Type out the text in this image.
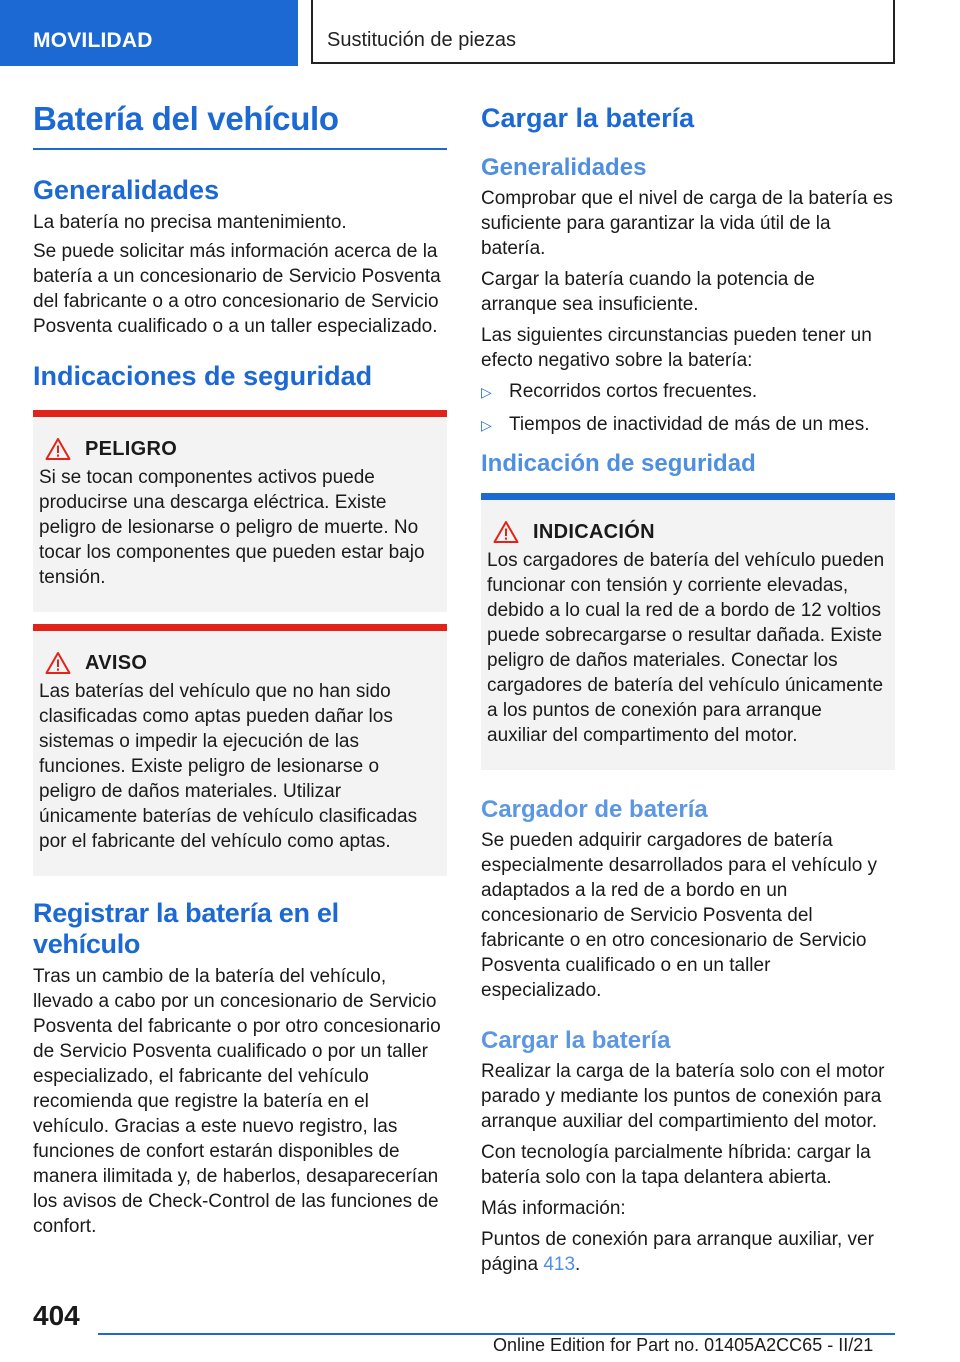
MOVILIDAD	Sustitución de piezas
Batería del vehículo
Generalidades

La batería no precisa mantenimiento.

Se puede solicitar más información acerca de la batería a un concesionario de Servicio Posventa del fabricante o a otro concesionario de Servicio Posventa cualificado o a un taller especializado.

Indicaciones de seguridad
PELIGRO

Si se tocan componentes activos puede producirse una descarga eléctrica. Existe peligro de lesionarse o peligro de muerte. No tocar los componentes que pueden estar bajo tensión.

AVISO

Las baterías del vehículo que no han sido clasificadas como aptas pueden dañar los sistemas o impedir la ejecución de las funciones. Existe peligro de lesionarse o peligro de daños materiales. Utilizar únicamente baterías de vehículo clasificadas por el fabricante del vehículo como aptas.

Registrar la batería en el vehículo

Tras un cambio de la batería del vehículo, llevado a cabo por un concesionario de Servicio Posventa del fabricante o por otro concesionario de Servicio Posventa cualificado o por un taller especializado, el fabricante del vehículo recomienda que registre la batería en el vehículo. Gracias a este nuevo registro, las funciones de confort estarán disponibles de manera ilimitada y, de haberlos, desaparecerían los avisos de Check-Control de las funciones de confort.

Cargar la batería
Generalidades

Comprobar que el nivel de carga de la batería es suficiente para garantizar la vida útil de la batería.

Cargar la batería cuando la potencia de arranque sea insuficiente.

Las siguientes circunstancias pueden tener un efecto negativo sobre la batería:

▷ Recorridos cortos frecuentes.
▷ Tiempos de inactividad de más de un mes.
Indicación de seguridad
INDICACIÓN

Los cargadores de batería del vehículo pueden funcionar con tensión y corriente elevadas, debido a lo cual la red de a bordo de 12 voltios puede sobrecargarse o resultar dañada. Existe peligro de daños materiales. Conectar los cargadores de batería del vehículo únicamente a los puntos de conexión para arranque auxiliar del compartimento del motor.

Cargador de batería

Se pueden adquirir cargadores de batería especialmente desarrollados para el vehículo y adaptados a la red de a bordo en un concesionario de Servicio Posventa del fabricante o en otro concesionario de Servicio Posventa cualificado o en un taller especializado.

Cargar la batería

Realizar la carga de la batería solo con el motor parado y mediante los puntos de conexión para arranque auxiliar del compartimiento del motor.

Con tecnología parcialmente híbrida: cargar la batería solo con la tapa delantera abierta.

Más información:

Puntos de conexión para arranque auxiliar, ver página 413.

404
Online Edition for Part no. 01405A2CC65 - II/21
